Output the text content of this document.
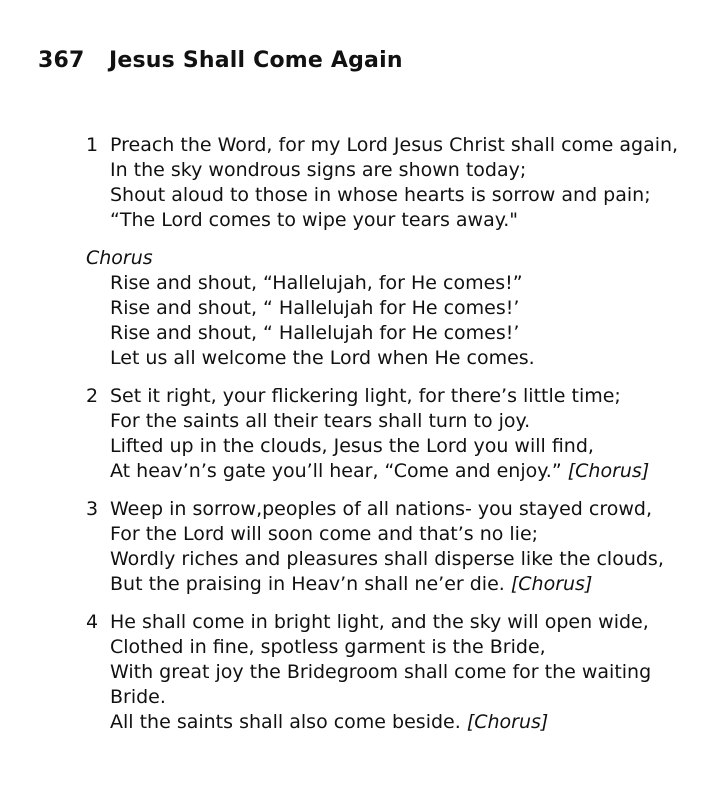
367 Jesus Shall Come Again
1 Preach the Word, for my Lord Jesus Christ shall come again,
In the sky wondrous signs are shown today;
Shout aloud to those in whose hearts is sorrow and pain;
“The Lord comes to wipe your tears away."
Chorus
Rise and shout, “Hallelujah, for He comes!”
Rise and shout, “ Hallelujah for He comes!’
Rise and shout, “ Hallelujah for He comes!’
Let us all welcome the Lord when He comes.
2 Set it right, your flickering light, for there’s little time;
For the saints all their tears shall turn to joy.
Lifted up in the clouds, Jesus the Lord you will find,
At heav’n’s gate you’ll hear, “Come and enjoy.” [Chorus]
3 Weep in sorrow,peoples of all nations- you stayed crowd,
For the Lord will soon come and that’s no lie;
Wordly riches and pleasures shall disperse like the clouds,
But the praising in Heav’n shall ne’er die. [Chorus]
4 He shall come in bright light, and the sky will open wide,
Clothed in fine, spotless garment is the Bride,
With great joy the Bridegroom shall come for the waiting
Bride.
All the saints shall also come beside. [Chorus]
